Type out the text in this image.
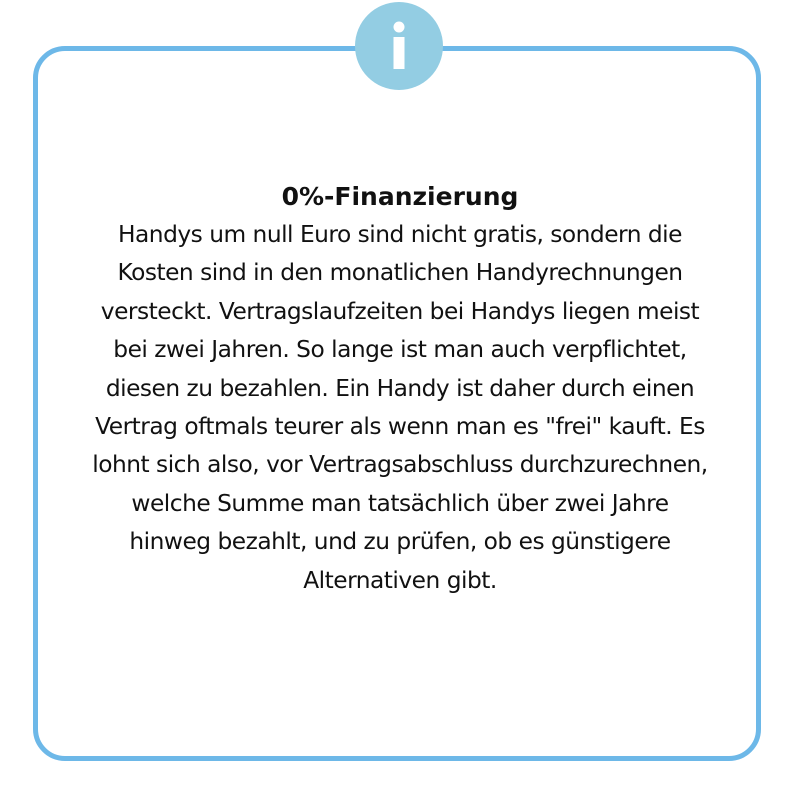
0%-Finanzierung

Handys um null Euro sind nicht gratis, sondern die
Kosten sind in den monatlichen Handyrechnungen
versteckt. Vertragslaufzeiten bei Handys liegen meist
bei zwei Jahren. So lange ist man auch verpflichtet,
diesen zu bezahlen. Ein Handy ist daher durch einen
Vertrag oftmals teurer als wenn man es "frei" kauft. Es
lohnt sich also, vor Vertragsabschluss durchzurechnen,
welche Summe man tatsächlich über zwei Jahre
hinweg bezahlt, und zu prüfen, ob es günstigere
Alternativen gibt.
